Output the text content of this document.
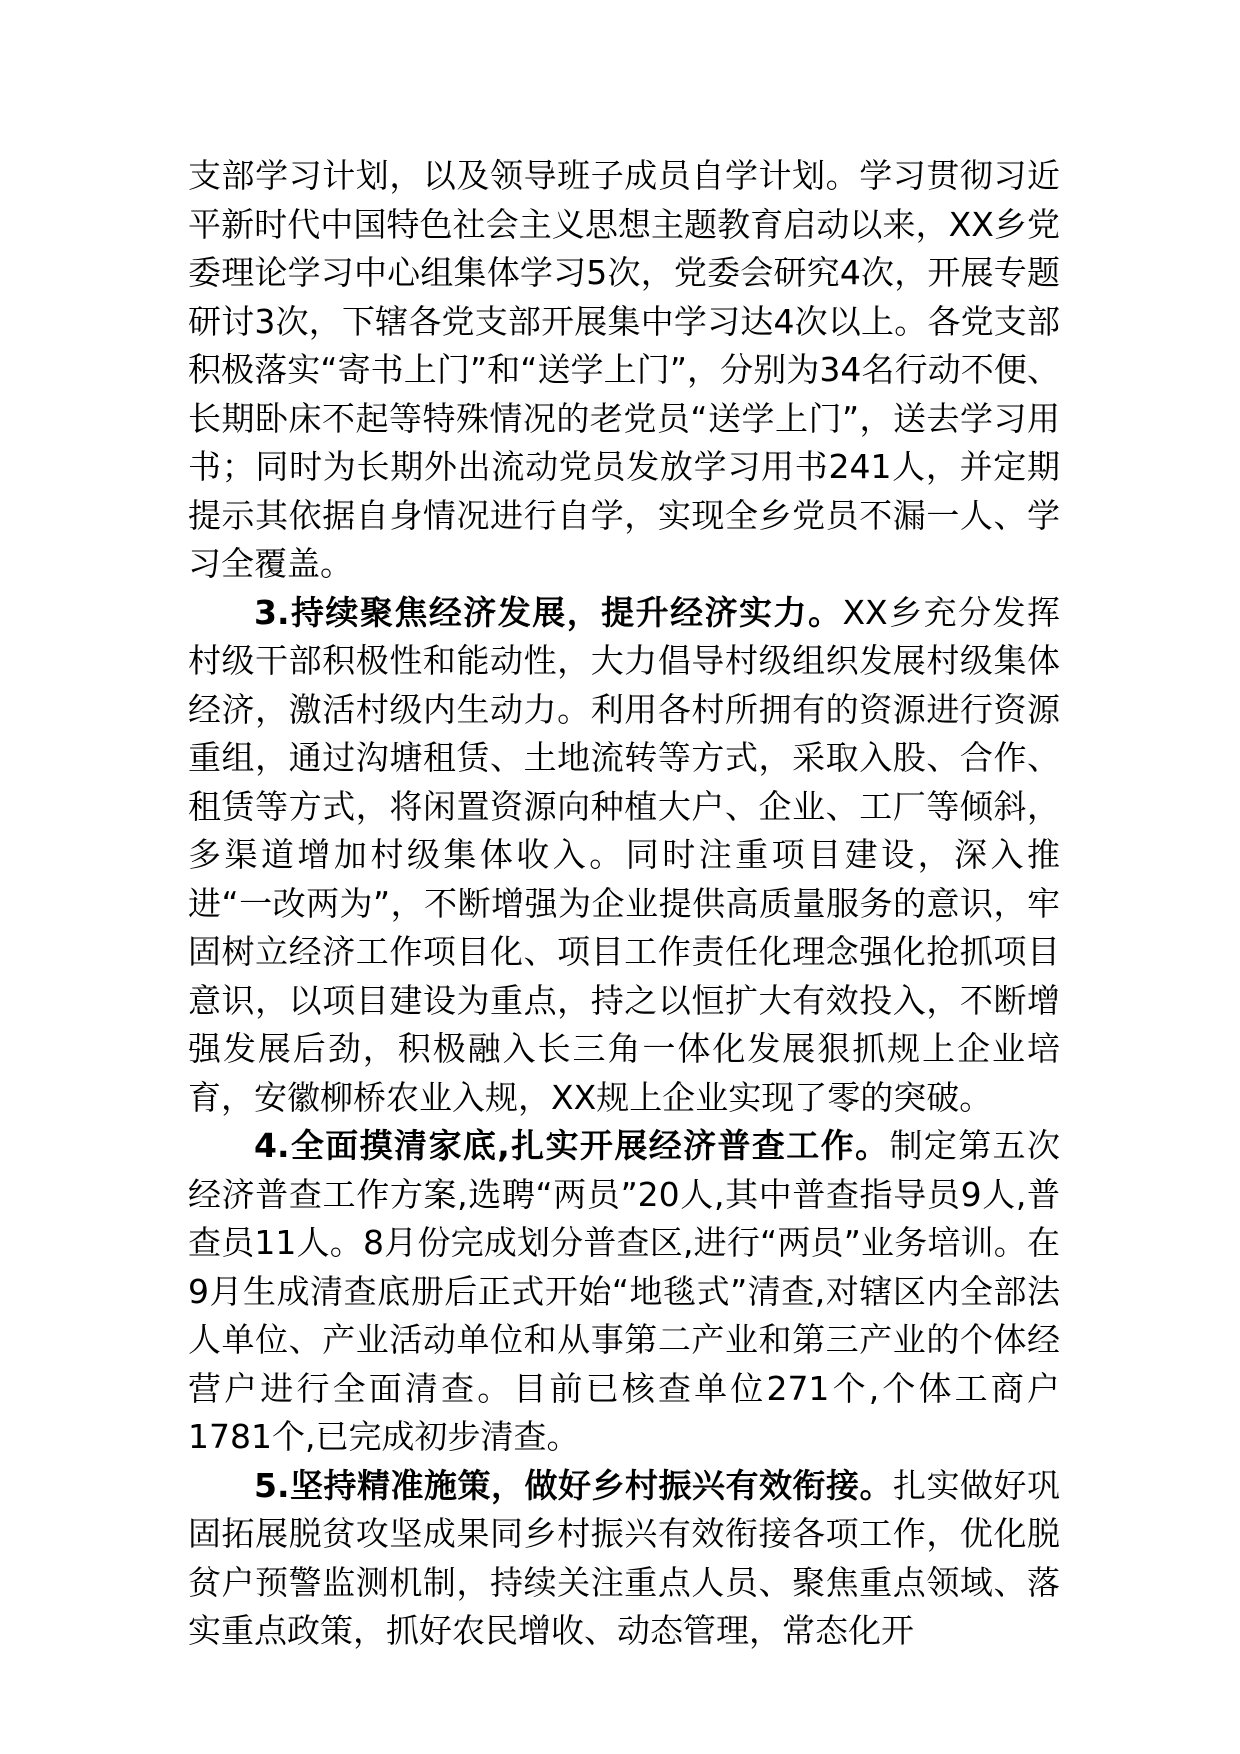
支部学习计划，以及领导班子成员自学计划。学习贯彻习近平新时代中国特色社会主义思想主题教育启动以来，XX乡党委理论学习中心组集体学习5次，党委会研究4次，开展专题研讨3次，下辖各党支部开展集中学习达4次以上。各党支部积极落实“寄书上门”和“送学上门”，分别为34名行动不便、长期卧床不起等特殊情况的老党员“送学上门”，送去学习用书；同时为长期外出流动党员发放学习用书241人，并定期提示其依据自身情况进行自学，实现全乡党员不漏一人、学习全覆盖。

3.持续聚焦经济发展，提升经济实力。XX乡充分发挥村级干部积极性和能动性，大力倡导村级组织发展村级集体经济，激活村级内生动力。利用各村所拥有的资源进行资源重组，通过沟塘租赁、土地流转等方式，采取入股、合作、租赁等方式，将闲置资源向种植大户、企业、工厂等倾斜，多渠道增加村级集体收入。同时注重项目建设，深入推进“一改两为”，不断增强为企业提供高质量服务的意识，牢固树立经济工作项目化、项目工作责任化理念强化抢抓项目意识，以项目建设为重点，持之以恒扩大有效投入，不断增强发展后劲，积极融入长三角一体化发展狠抓规上企业培育，安徽柳桥农业入规，XX规上企业实现了零的突破。

4.全面摸清家底,扎实开展经济普查工作。制定第五次经济普查工作方案,选聘“两员”20人,其中普查指导员9人,普查员11人。8月份完成划分普查区,进行“两员”业务培训。在9月生成清查底册后正式开始“地毯式”清查,对辖区内全部法人单位、产业活动单位和从事第二产业和第三产业的个体经营户进行全面清查。目前已核查单位271个,个体工商户1781个,已完成初步清查。

5.坚持精准施策，做好乡村振兴有效衔接。扎实做好巩固拓展脱贫攻坚成果同乡村振兴有效衔接各项工作，优化脱贫户预警监测机制，持续关注重点人员、聚焦重点领域、落实重点政策，抓好农民增收、动态管理，常态化开
